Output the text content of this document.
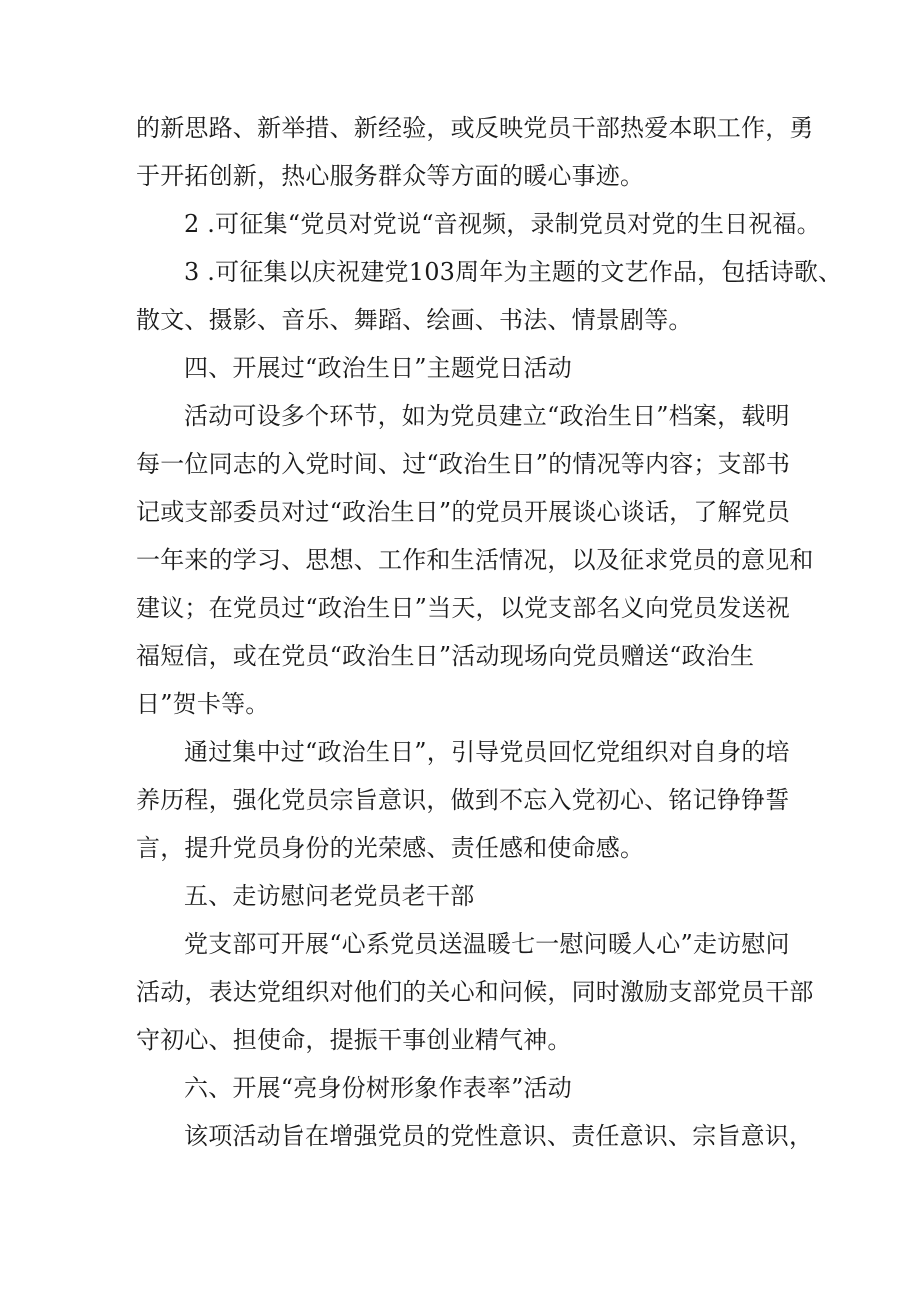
的新思路、新举措、新经验，或反映党员干部热爱本职工作，勇
于开拓创新，热心服务群众等方面的暖心事迹。
2 .可征集“党员对党说“音视频，录制党员对党的生日祝福。
3 .可征集以庆祝建党103周年为主题的文艺作品，包括诗歌、
散文、摄影、音乐、舞蹈、绘画、书法、情景剧等。
四、开展过“政治生日”主题党日活动
活动可设多个环节，如为党员建立“政治生日”档案，载明
每一位同志的入党时间、过“政治生日”的情况等内容；支部书
记或支部委员对过“政治生日”的党员开展谈心谈话，了解党员
一年来的学习、思想、工作和生活情况，以及征求党员的意见和
建议；在党员过“政治生日”当天，以党支部名义向党员发送祝
福短信，或在党员“政治生日”活动现场向党员赠送“政治生
日”贺卡等。
通过集中过“政治生日”，引导党员回忆党组织对自身的培
养历程，强化党员宗旨意识，做到不忘入党初心、铭记铮铮誓
言，提升党员身份的光荣感、责任感和使命感。
五、走访慰问老党员老干部
党支部可开展“心系党员送温暖七一慰问暖人心”走访慰问
活动，表达党组织对他们的关心和问候，同时激励支部党员干部
守初心、担使命，提振干事创业精气神。
六、开展“亮身份树形象作表率”活动
该项活动旨在增强党员的党性意识、责任意识、宗旨意识，
